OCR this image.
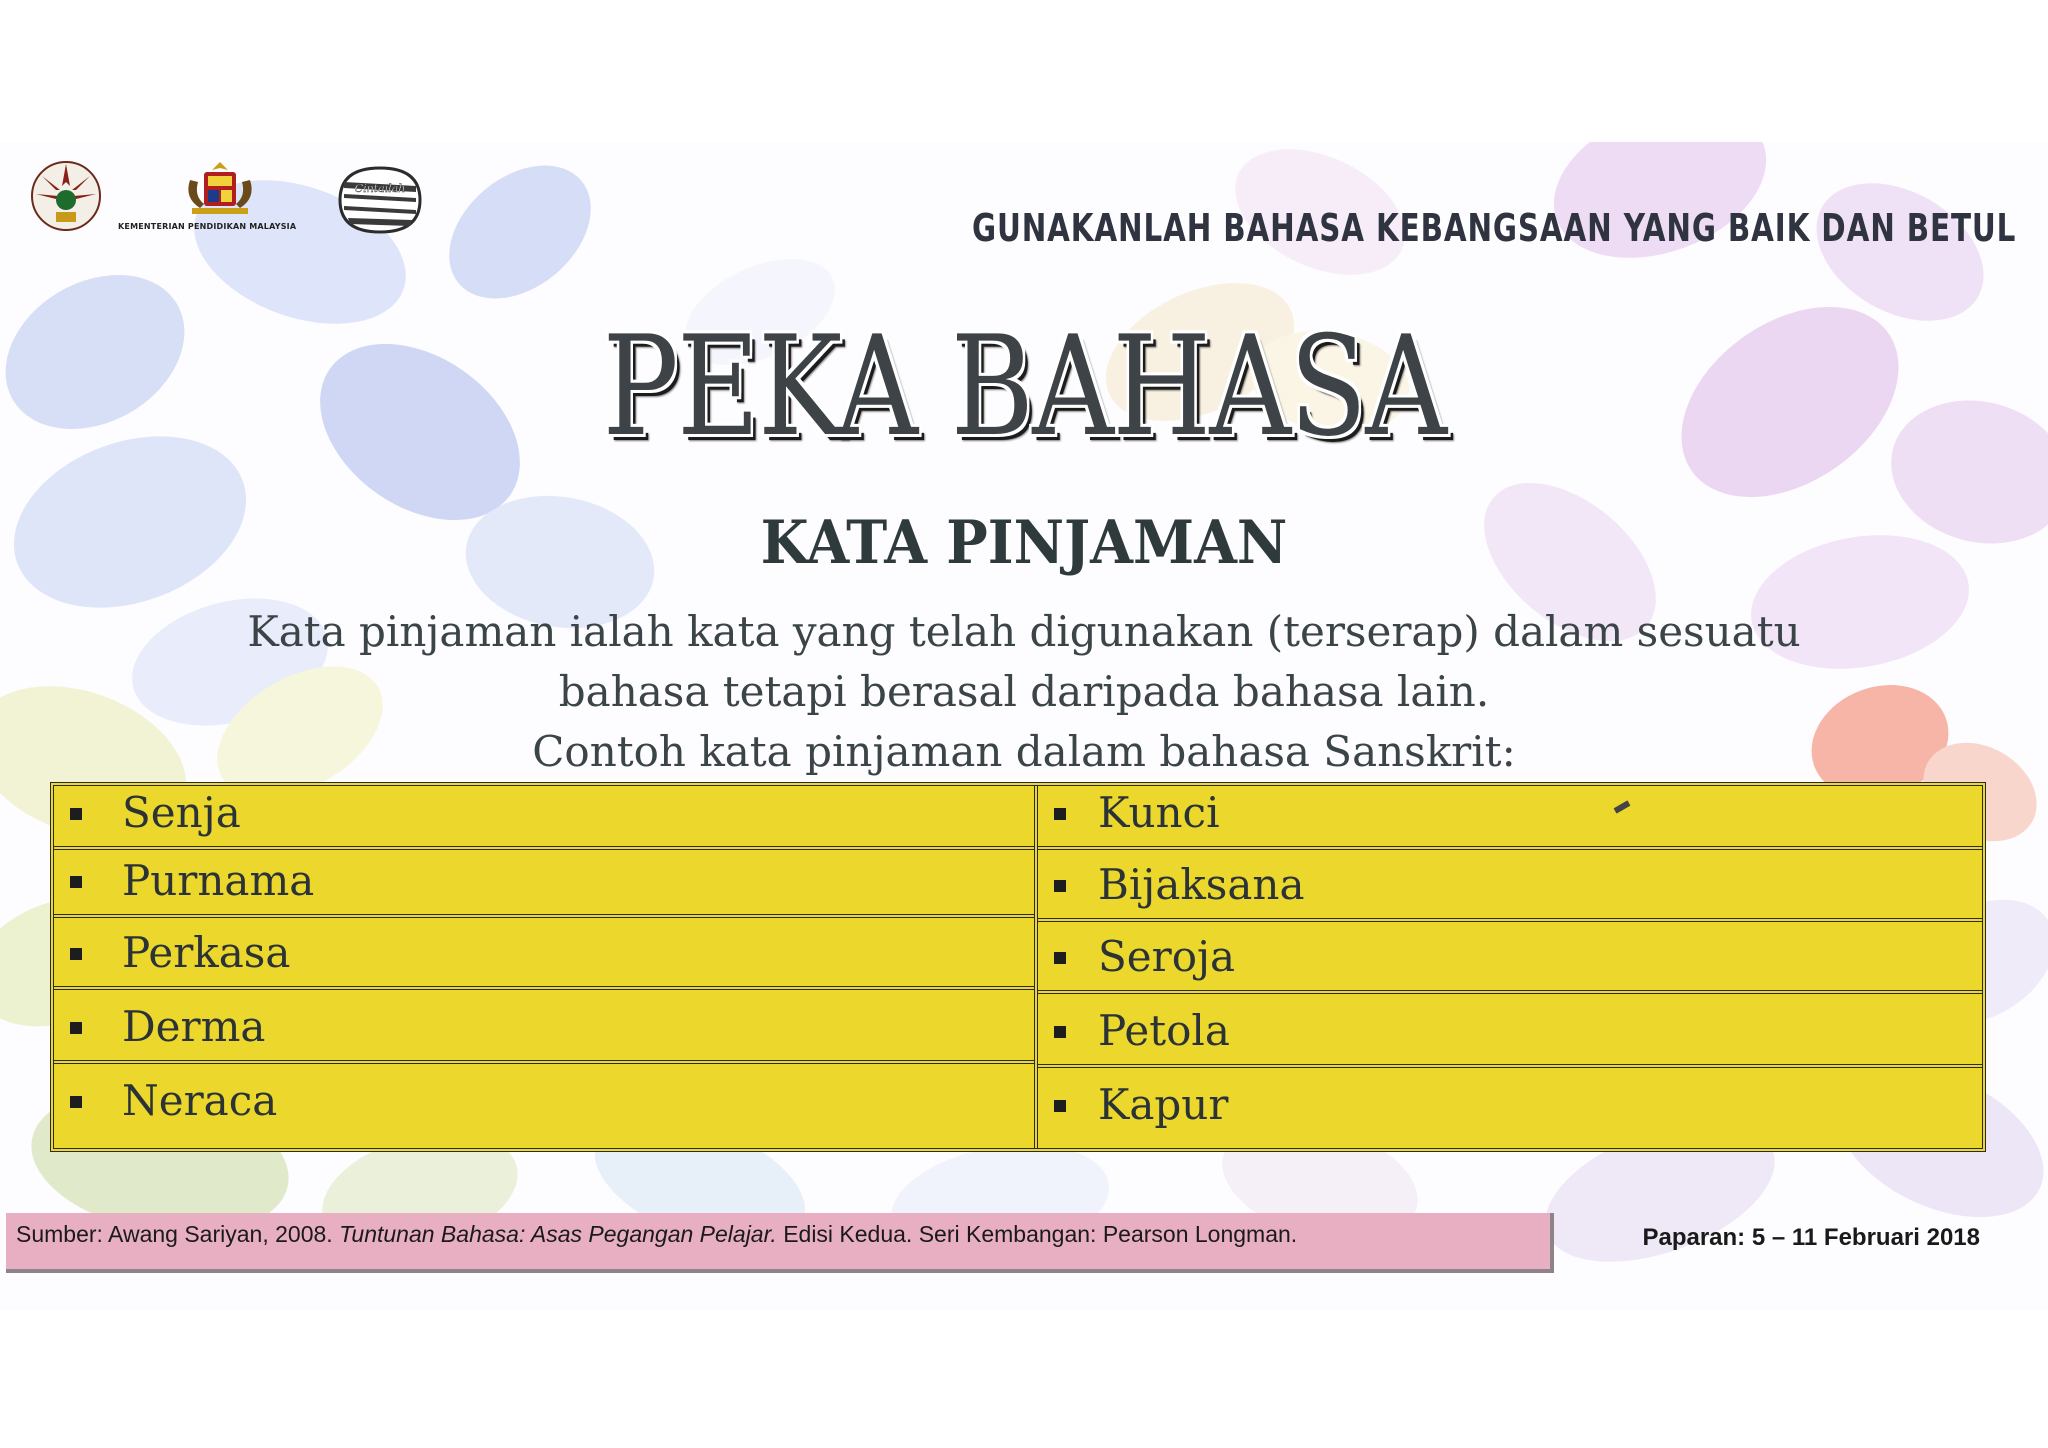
KEMENTERIAN PENDIDIKAN MALAYSIA
Cintailah
GUNAKANLAH BAHASA KEBANGSAAN YANG BAIK DAN BETUL
PEKA BAHASA
KATA PINJAMAN
Kata pinjaman ialah kata yang telah digunakan (terserap) dalam sesuatu
bahasa tetapi berasal daripada bahasa lain.
Contoh kata pinjaman dalam bahasa Sanskrit:
Senja
Purnama
Perkasa
Derma
Neraca
Kunci
Bijaksana
Seroja
Petola
Kapur
Sumber: Awang Sariyan, 2008. Tuntunan Bahasa: Asas Pegangan Pelajar. Edisi Kedua. Seri Kembangan: Pearson Longman.	Paparan: 5 – 11 Februari 2018
